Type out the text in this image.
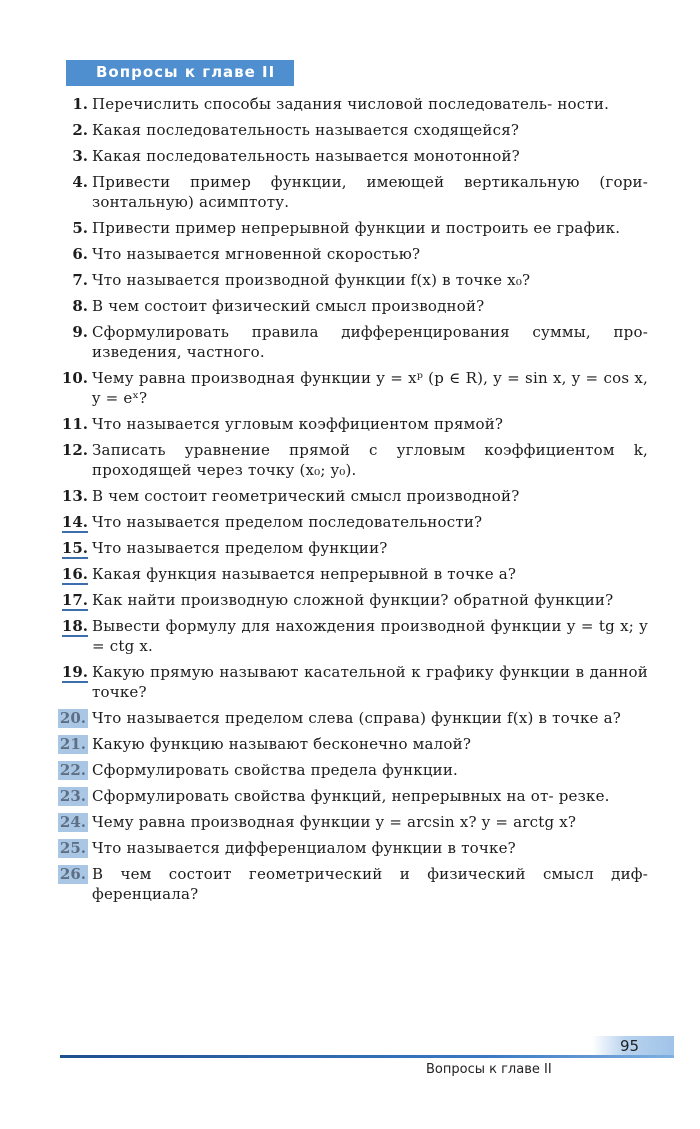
Вопросы к главе II
1. Перечислить способы задания числовой последователь- ности.
2. Какая последовательность называется сходящейся?
3. Какая последовательность называется монотонной?
4. Привести пример функции, имеющей вертикальную (гори- зонтальную) асимптоту.
5. Привести пример непрерывной функции и построить ее график.
6. Что называется мгновенной скоростью?
7. Что называется производной функции f(x) в точке x₀?
8. В чем состоит физический смысл производной?
9. Сформулировать правила дифференцирования суммы, про- изведения, частного.
10. Чему равна производная функции y = xᵖ (p ∈ R), y = sin x, y = cos x, y = eˣ?
11. Что называется угловым коэффициентом прямой?
12. Записать уравнение прямой с угловым коэффициентом k, проходящей через точку (x₀; y₀).
13. В чем состоит геометрический смысл производной?
14. Что называется пределом последовательности?
15. Что называется пределом функции?
16. Какая функция называется непрерывной в точке a?
17. Как найти производную сложной функции? обратной функции?
18. Вывести формулу для нахождения производной функции y = tg x; y = ctg x.
19. Какую прямую называют касательной к графику функции в данной точке?
20. Что называется пределом слева (справа) функции f(x) в точке a?
21. Какую функцию называют бесконечно малой?
22. Сформулировать свойства предела функции.
23. Сформулировать свойства функций, непрерывных на от- резке.
24. Чему равна производная функции y = arcsin x? y = arctg x?
25. Что называется дифференциалом функции в точке?
26. В чем состоит геометрический и физический смысл диф- ференциала?
95
Вопросы к главе II
